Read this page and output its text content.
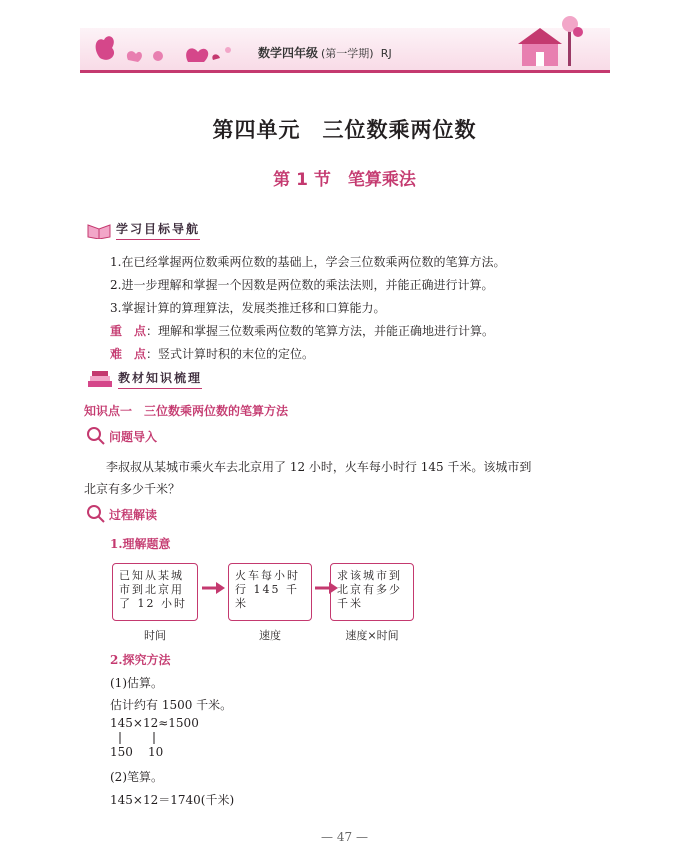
数学四年级 (第一学期) RJ
第四单元　三位数乘两位数
第 1 节　笔算乘法
学习目标导航
1.在已经掌握两位数乘两位数的基础上，学会三位数乘两位数的笔算方法。
2.进一步理解和掌握一个因数是两位数的乘法法则，并能正确进行计算。
3.掌握计算的算理算法，发展类推迁移和口算能力。
重　点：理解和掌握三位数乘两位数的笔算方法，并能正确地进行计算。
难　点：竖式计算时积的末位的定位。
教材知识梳理
知识点一　三位数乘两位数的笔算方法
问题导入
李叔叔从某城市乘火车去北京用了 12 小时，火车每小时行 145 千米。该城市到
北京有多少千米？
过程解读
1.理解题意
已知从某城市到北京用了 12 小时
火车每小时行 145 千米
求该城市到北京有多少千米
时间	速度	速度×时间
2.探究方法
(1)估算。
估计约有 1500 千米。
145×12≈1500
150 10
(2)笔算。
145×12＝1740(千米)
— 47 —
